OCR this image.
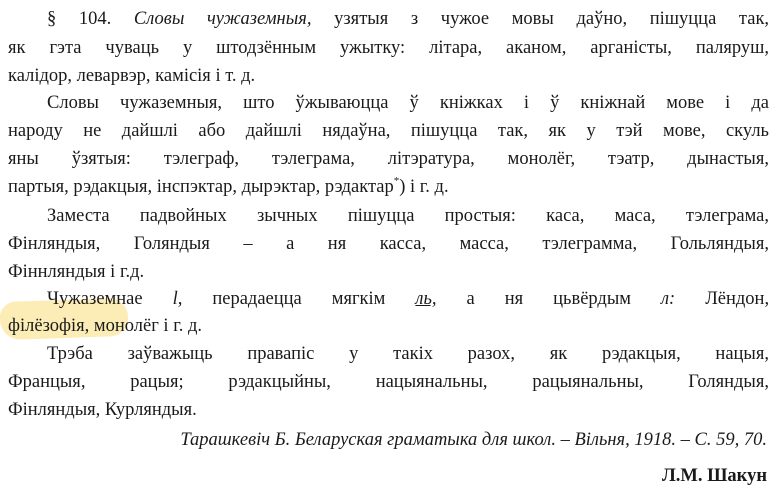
§ 104. Словы чужаземныя, узятыя з чужое мовы даўно, пішуцца так,
як гэта чуваць у штодзённым ужытку: літара, аканом, арганісты, паляруш,
калідор, леварвэр, камісія і т. д.
Словы чужаземныя, што ўжываюцца ў кніжках і ў кніжнай мове і да
народу не дайшлі або дайшлі нядаўна, пішуцца так, як у тэй мове, скуль
яны ўзятыя: тэлеграф, тэлеграма, літэратура, монолёг, тэатр, дынастыя,
партыя, рэдакцыя, інспэктар, дырэктар, рэдактар*) і г. д.
Заместа падвойных зычных пішуцца простыя: каса, маса, тэлеграма,
Фінляндыя, Голяндыя – а ня касса, масса, тэлеграмма, Гольляндыя,
Фіннляндыя і г.д.
Чужаземнае l, перадаецца мягкім ль, а ня цьвёрдым л: Лёндон,
філёзофія, монолёг і г. д.
Трэба заўважыць правапіс у такіх разох, як рэдакцыя, нацыя,
Францыя, рацыя; рэдакцыйны, нацыянальны, рацыянальны, Голяндыя,
Фінляндыя, Курляндыя.
Тарашкевіч Б. Беларуская граматыка для школ. – Вільня, 1918. – С. 59, 70.
Л.М. Шакун
